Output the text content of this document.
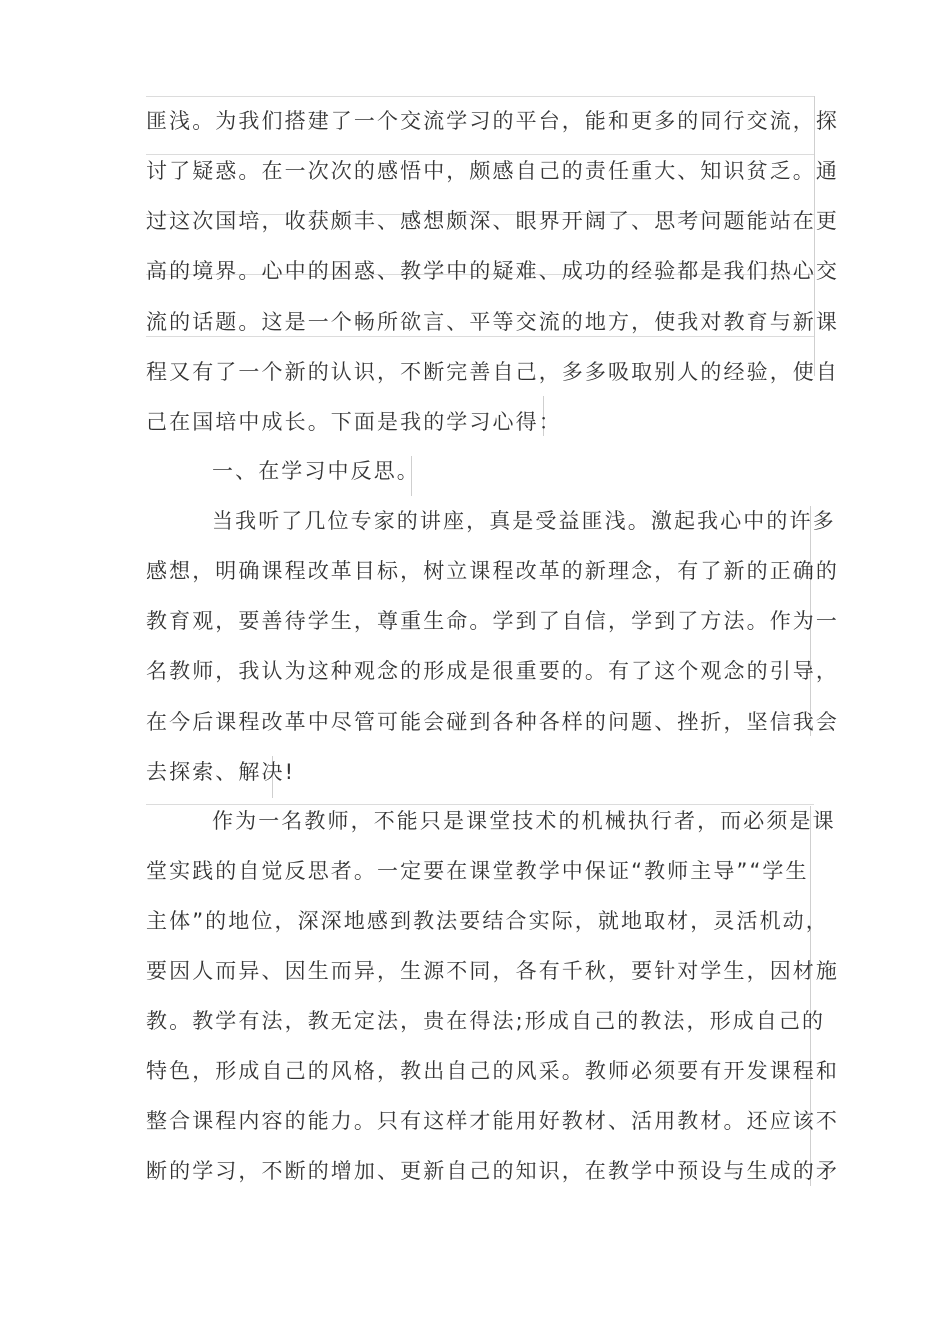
匪浅。为我们搭建了一个交流学习的平台，能和更多的同行交流，探
讨了疑惑。在一次次的感悟中，颇感自己的责任重大、知识贫乏。通
过这次国培，收获颇丰、感想颇深、眼界开阔了、思考问题能站在更
高的境界。心中的困惑、教学中的疑难、成功的经验都是我们热心交
流的话题。这是一个畅所欲言、平等交流的地方，使我对教育与新课
程又有了一个新的认识，不断完善自己，多多吸取别人的经验，使自
己在国培中成长。下面是我的学习心得：
一、在学习中反思。
当我听了几位专家的讲座，真是受益匪浅。激起我心中的许多
感想，明确课程改革目标，树立课程改革的新理念，有了新的正确的
教育观，要善待学生，尊重生命。学到了自信，学到了方法。作为一
名教师，我认为这种观念的形成是很重要的。有了这个观念的引导，
在今后课程改革中尽管可能会碰到各种各样的问题、挫折，坚信我会
去探索、解决!
作为一名教师，不能只是课堂技术的机械执行者，而必须是课
堂实践的自觉反思者。一定要在课堂教学中保证“教师主导”“学生
主体”的地位，深深地感到教法要结合实际，就地取材，灵活机动，
要因人而异、因生而异，生源不同，各有千秋，要针对学生，因材施
教。教学有法，教无定法，贵在得法;形成自己的教法，形成自己的
特色，形成自己的风格，教出自己的风采。教师必须要有开发课程和
整合课程内容的能力。只有这样才能用好教材、活用教材。还应该不
断的学习，不断的增加、更新自己的知识，在教学中预设与生成的矛
